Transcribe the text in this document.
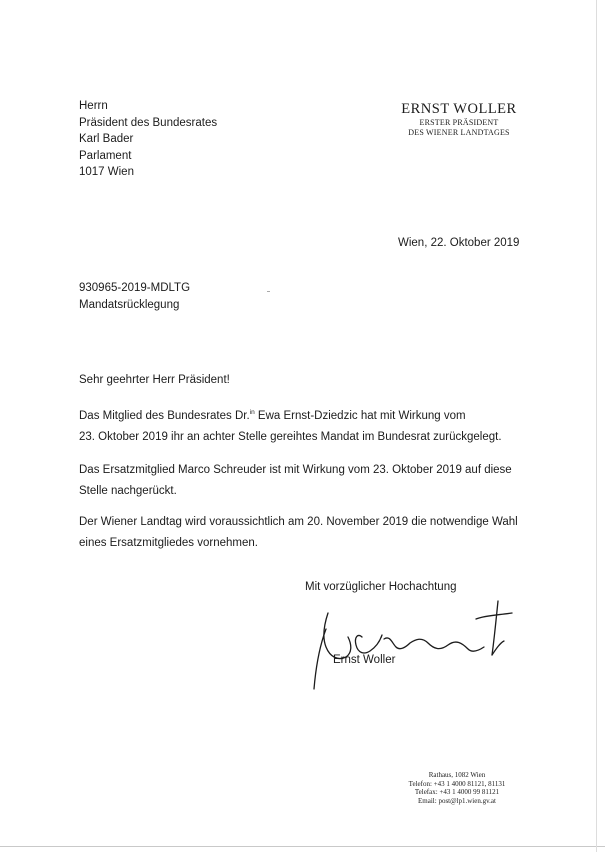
Herrn
Präsident des Bundesrates
Karl Bader
Parlament
1017 Wien
ERNST WOLLER
ERSTER PRÄSIDENT
DES WIENER LANDTAGES
Wien, 22. Oktober 2019
930965-2019-MDLTG
Mandatsrücklegung
Sehr geehrter Herr Präsident!
Das Mitglied des Bundesrates Dr.$^{in}$ Ewa Ernst-Dziedzic hat mit Wirkung vom
23. Oktober 2019 ihr an achter Stelle gereihtes Mandat im Bundesrat zurückgelegt.
Das Ersatzmitglied Marco Schreuder ist mit Wirkung vom 23. Oktober 2019 auf diese
Stelle nachgerückt.
Der Wiener Landtag wird voraussichtlich am 20. November 2019 die notwendige Wahl
eines Ersatzmitgliedes vornehmen.
Mit vorzüglicher Hochachtung
Ernst Woller
Rathaus, 1082 Wien
Telefon: +43 1 4000 81121, 81131
Telefax: +43 1 4000 99 81121
Email: post@lp1.wien.gv.at
